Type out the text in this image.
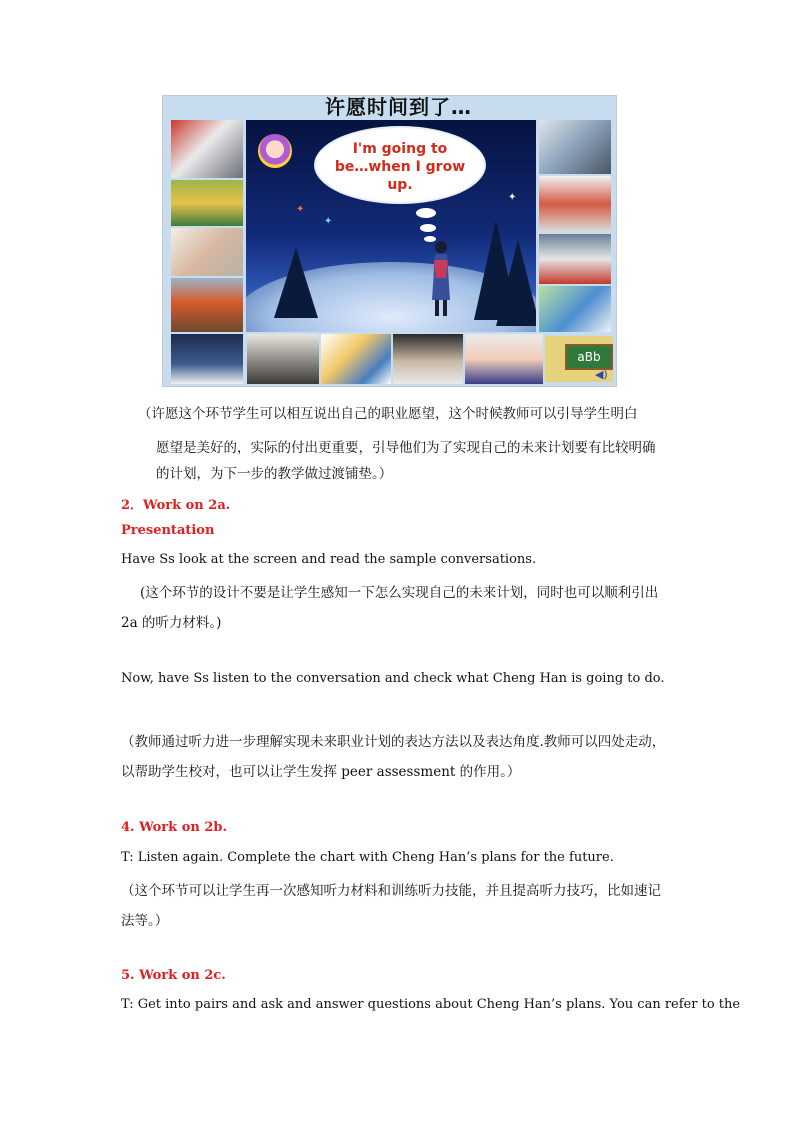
许愿时间到了…
I'm going to
be…when I grow
up.
✦
✦
✦
aBb
◀)

（许愿这个环节学生可以相互说出自己的职业愿望，这个时候教师可以引导学生明白

愿望是美好的，实际的付出更重要，引导他们为了实现自己的未来计划要有比较明确

的计划，为下一步的教学做过渡铺垫。）

2．Work on 2a.

Presentation

Have Ss look at the screen and read the sample conversations.

(这个环节的设计不要是让学生感知一下怎么实现自己的未来计划，同时也可以顺利引出

2a 的听力材料。)

Now, have Ss listen to the conversation and check what Cheng Han is going to do.

（教师通过听力进一步理解实现未来职业计划的表达方法以及表达角度.教师可以四处走动，

以帮助学生校对，也可以让学生发挥 peer assessment 的作用。）

4. Work on 2b.

T: Listen again. Complete the chart with Cheng Han’s plans for the future.

（这个环节可以让学生再一次感知听力材料和训练听力技能，并且提高听力技巧，比如速记

法等。）

5. Work on 2c.

T: Get into pairs and ask and answer questions about Cheng Han’s plans. You can refer to the
